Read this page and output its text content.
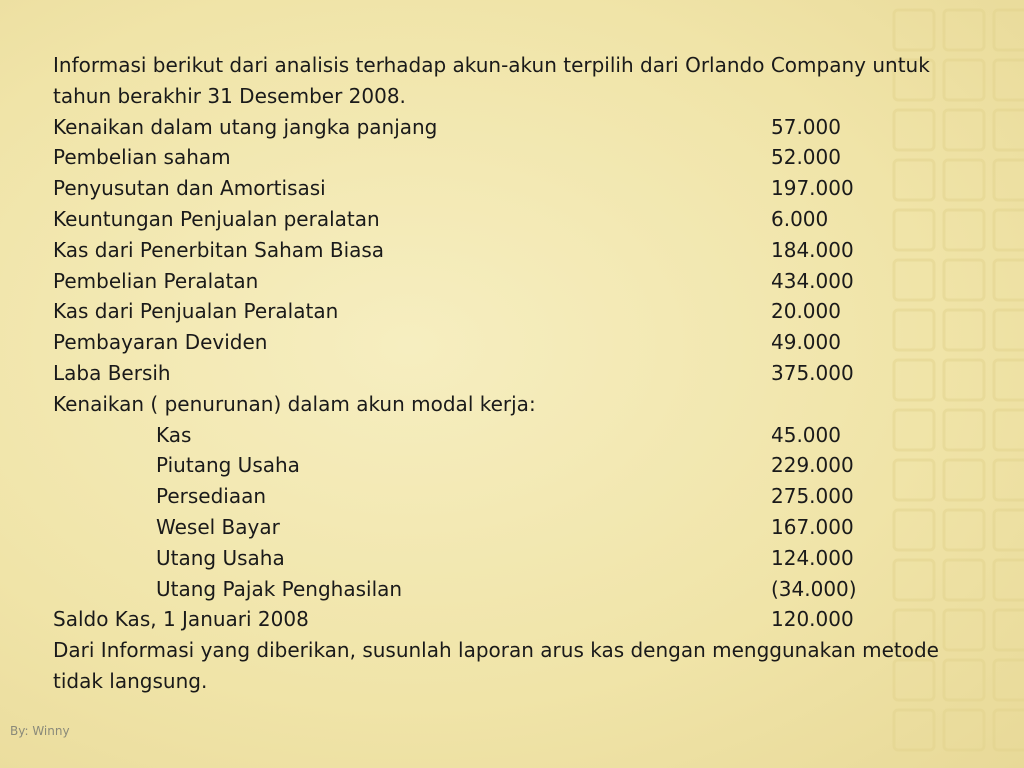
Informasi berikut dari analisis terhadap akun-akun terpilih dari Orlando Company untuk tahun berakhir 31 Desember 2008.

Kenaikan dalam utang jangka panjang	57.000
Pembelian saham	52.000
Penyusutan dan Amortisasi	197.000
Keuntungan Penjualan peralatan	6.000
Kas dari Penerbitan Saham Biasa	184.000
Pembelian Peralatan	434.000
Kas dari Penjualan Peralatan	20.000
Pembayaran Deviden	49.000
Laba Bersih	375.000
Kenaikan ( penurunan) dalam akun modal kerja:
Kas	45.000
Piutang Usaha	229.000
Persediaan	275.000
Wesel Bayar	167.000
Utang Usaha	124.000
Utang Pajak Penghasilan	(34.000)
Saldo Kas, 1 Januari 2008	120.000

Dari Informasi yang diberikan, susunlah laporan arus kas dengan menggunakan metode tidak langsung.

By: Winny
